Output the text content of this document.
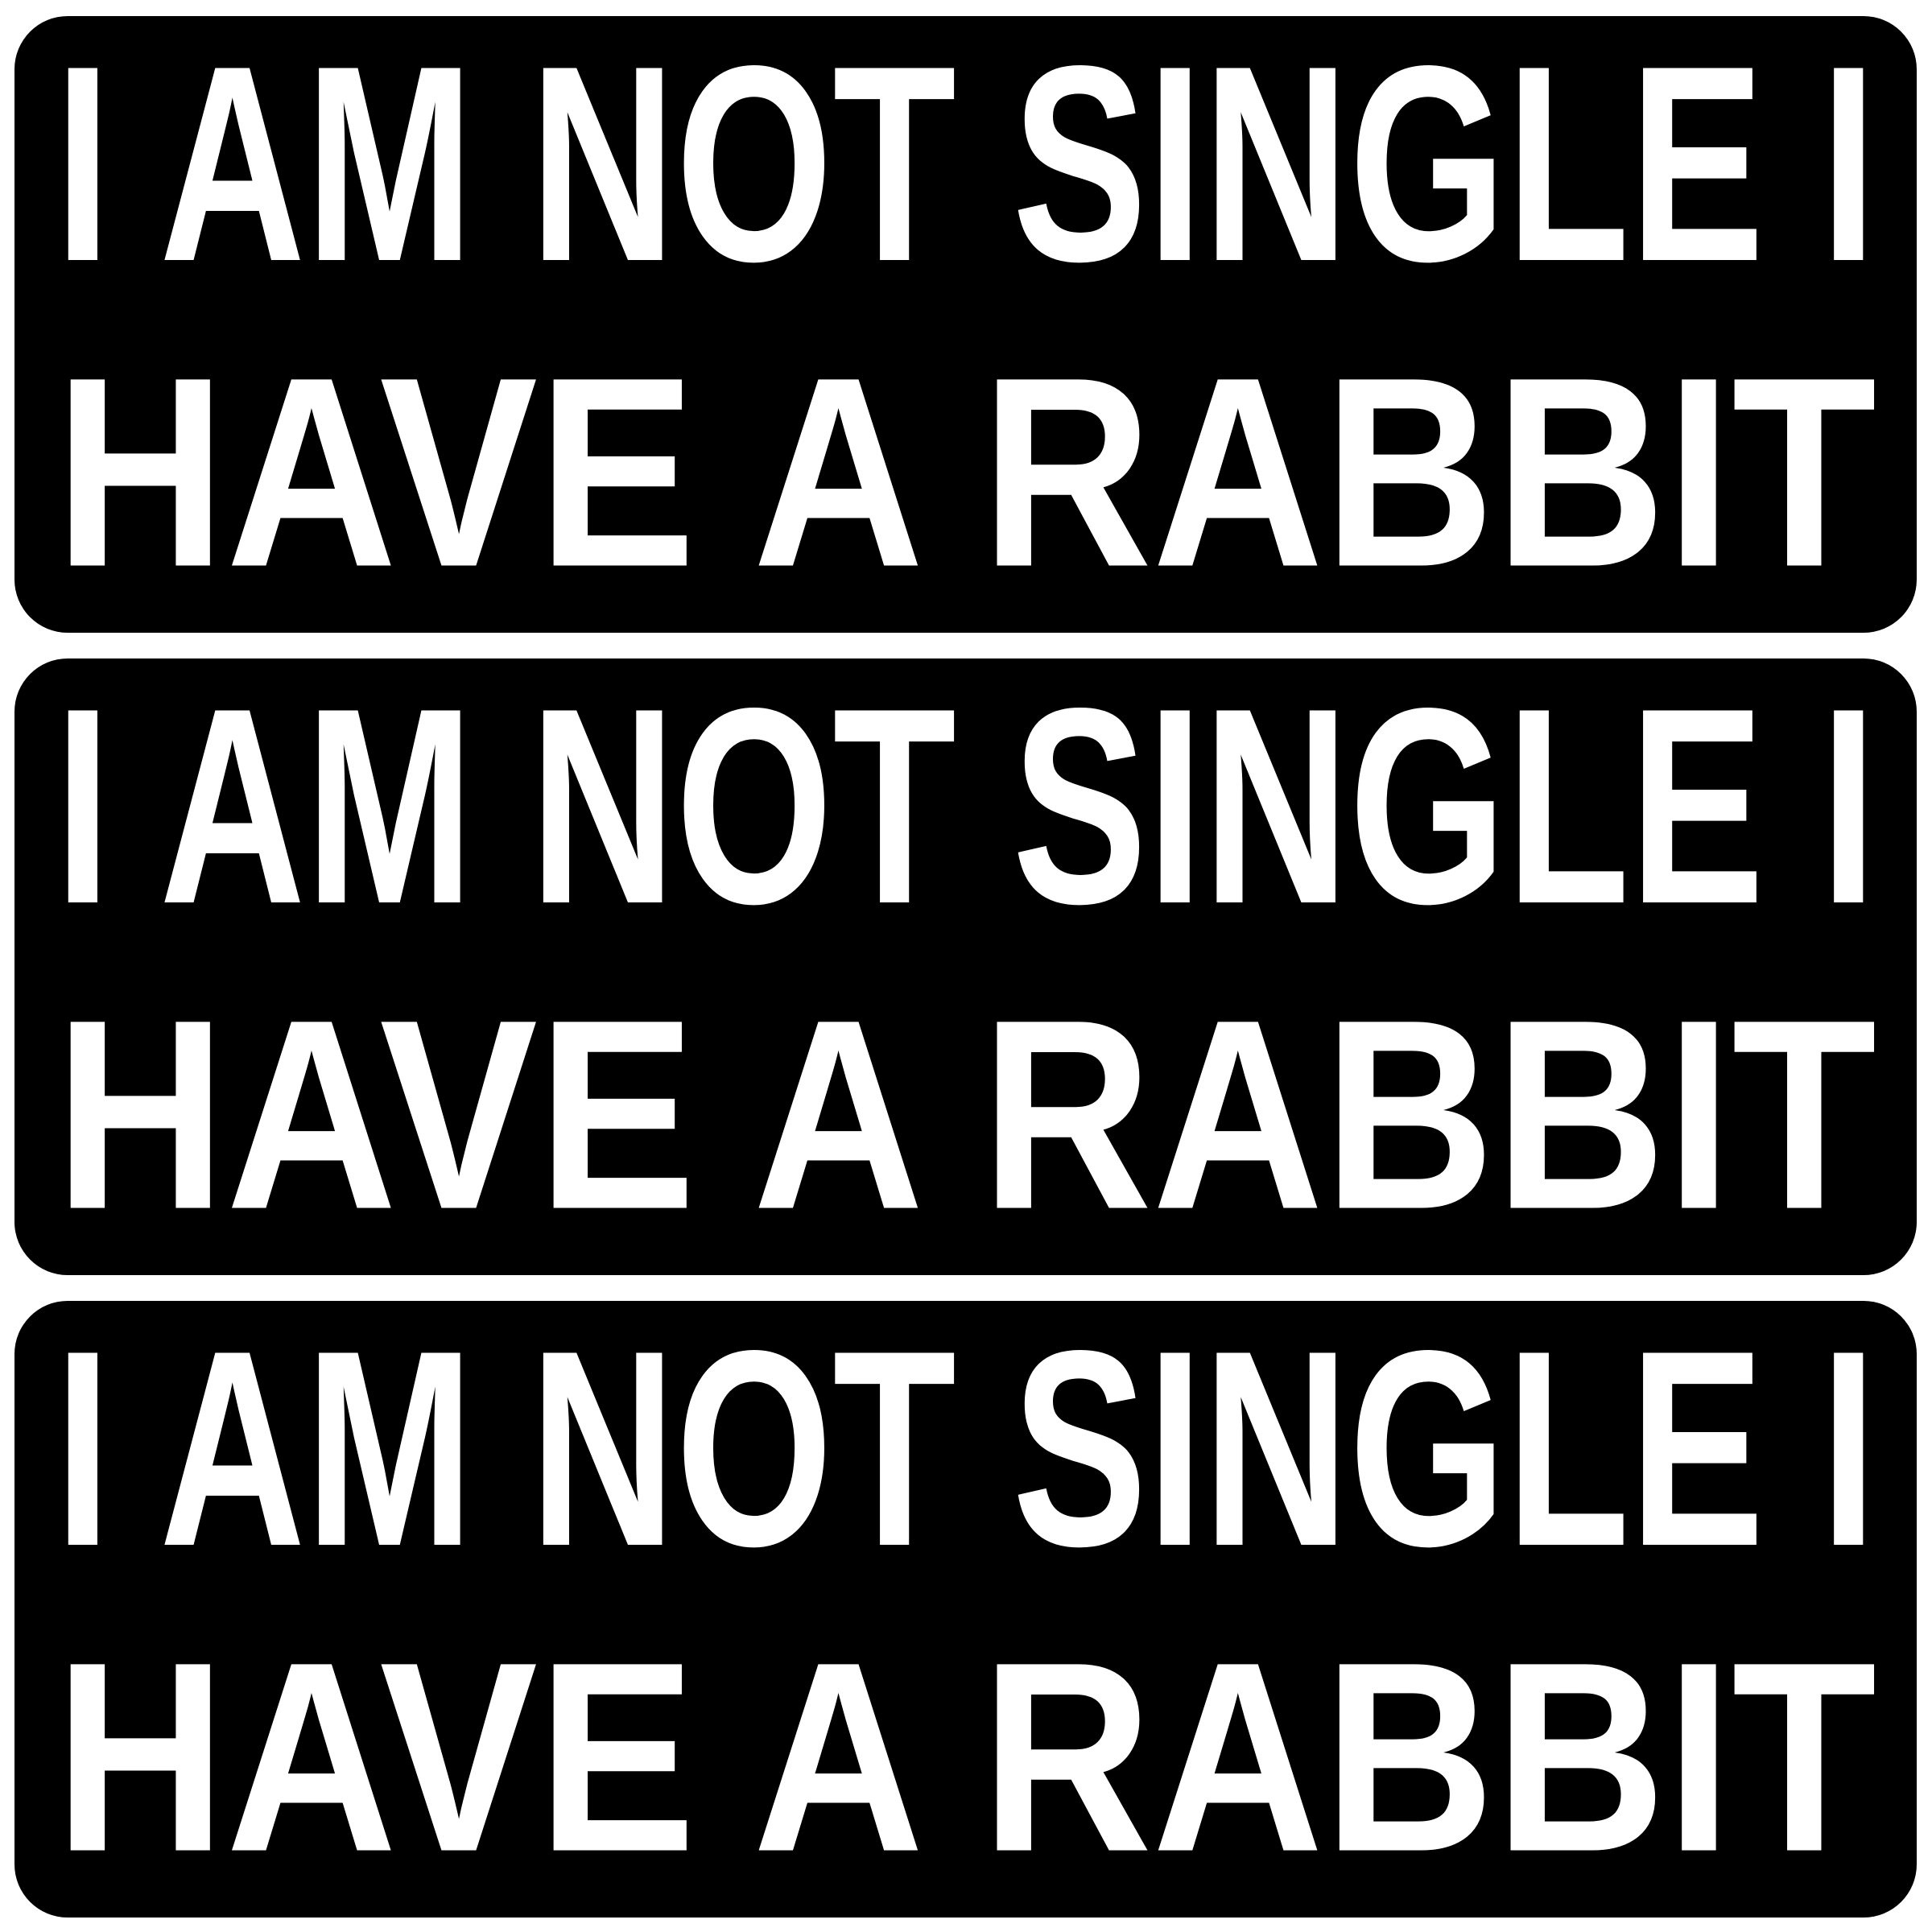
I AM NOT SINGLE I
HAVE A RABBIT
I AM NOT SINGLE I
HAVE A RABBIT
I AM NOT SINGLE I
HAVE A RABBIT
